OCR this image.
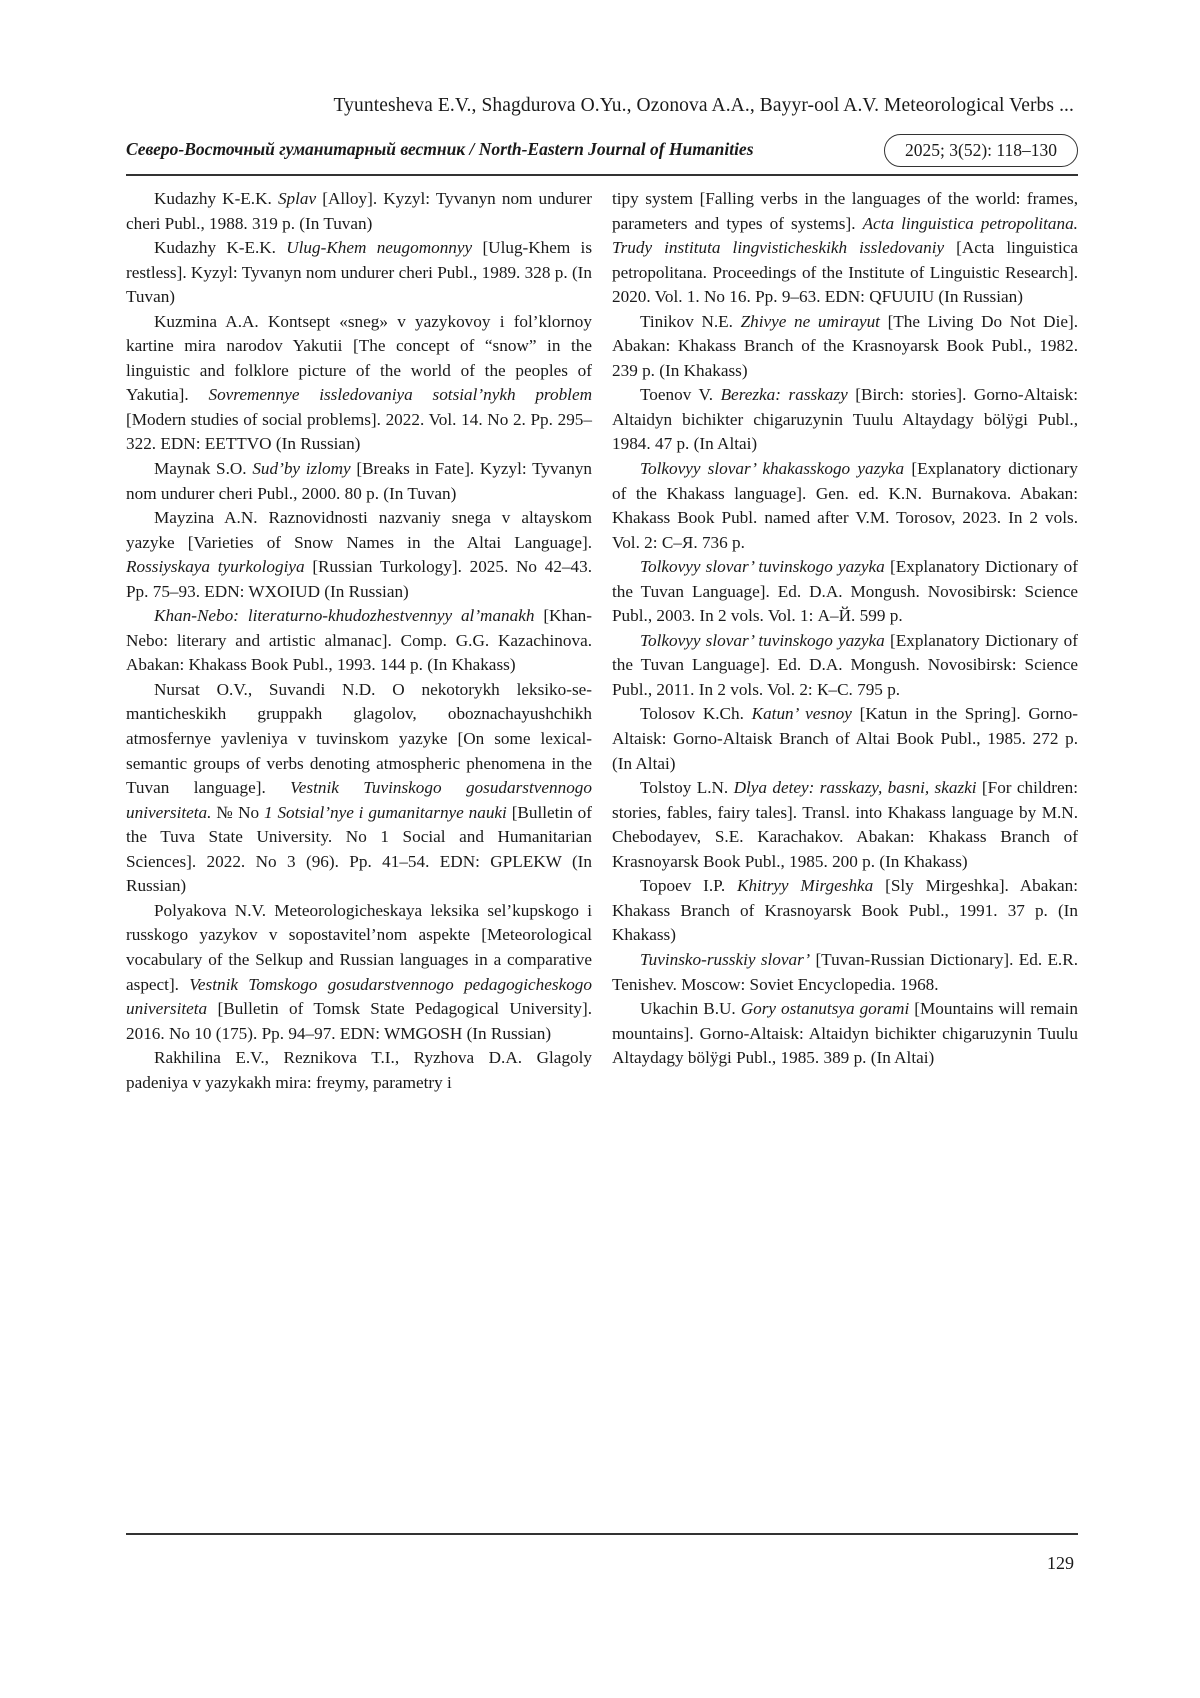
Tyuntesheva E.V., Shagdurova O.Yu., Ozonova A.A., Bayyr-ool A.V. Meteorological Verbs ...
Северо-Восточный гуманитарный вестник / North-Eastern Journal of Humanities	2025; 3(52): 118–130

Kudazhy K-E.K. Splav [Alloy]. Kyzyl: Tyvanyn nom undurer cheri Publ., 1988. 319 p. (In Tuvan)

Kudazhy K-E.K. Ulug-Khem neugomonnyy [Ulug-Khem is restless]. Kyzyl: Tyvanyn nom undurer cheri Publ., 1989. 328 p. (In Tuvan)

Kuzmina A.A. Kontsept «sneg» v yazykovoy i fol’klornoy kartine mira narodov Yakutii [The concept of “snow” in the linguistic and folklore picture of the world of the peoples of Yakutia]. Sovremennye issledovaniya sotsial’nykh problem [Modern studies of social problems]. 2022. Vol. 14. No 2. Pp. 295–322. EDN: EETTVO (In Russian)

Maynak S.O. Sud’by izlomy [Breaks in Fate]. Kyzyl: Tyvanyn nom undurer cheri Publ., 2000. 80 p. (In Tuvan)

Mayzina A.N. Raznovidnosti nazvaniy snega v altayskom yazyke [Varieties of Snow Names in the Altai Language]. Rossiyskaya tyurkologiya [Russian Turkology]. 2025. No 42–43. Pp. 75–93. EDN: WXOIUD (In Russian)

Khan-Nebo: literaturno-khudozhestvennyy al’manakh [Khan-Nebo: literary and artistic almanac]. Comp. G.G. Kazachinova. Abakan: Khakass Book Publ., 1993. 144 p. (In Khakass)

Nursat O.V., Suvandi N.D. O nekotorykh leksiko-semanticheskikh gruppakh glagolov, oboznachayushchikh atmosfernye yavleniya v tuvinskom yazyke [On some lexical-semantic groups of verbs denoting atmospheric phenomena in the Tuvan language]. Vestnik Tuvinskogo gosudarstvennogo universiteta. № No 1 Sotsial’nye i gumanitarnye nauki [Bulletin of the Tuva State University. No 1 Social and Humanitarian Sciences]. 2022. No 3 (96). Pp. 41–54. EDN: GPLEKW (In Russian)

Polyakova N.V. Meteorologicheskaya leksika sel’kupskogo i russkogo yazykov v sopostavitel’nom aspekte [Meteorological vocabulary of the Selkup and Russian languages in a comparative aspect]. Vestnik Tomskogo gosudarstvennogo pedagogicheskogo universiteta [Bulletin of Tomsk State Pedagogical University]. 2016. No 10 (175). Pp. 94–97. EDN: WMGOSH (In Russian)

Rakhilina E.V., Reznikova T.I., Ryzhova D.A. Glagoly padeniya v yazykakh mira: freymy, parametry i

tipy system [Falling verbs in the languages of the world: frames, parameters and types of systems]. Acta linguistica petropolitana. Trudy instituta lingvisticheskikh issledovaniy [Acta linguistica petropolitana. Proceedings of the Institute of Linguistic Research]. 2020. Vol. 1. No 16. Pp. 9–63. EDN: QFUUIU (In Russian)

Tinikov N.E. Zhivye ne umirayut [The Living Do Not Die]. Abakan: Khakass Branch of the Krasnoyarsk Book Publ., 1982. 239 p. (In Khakass)

Toenov V. Berezka: rasskazy [Birch: stories]. Gorno-Altaisk: Altaidyn bichikter chigaruzynin Tuulu Altaydagy bölÿgi Publ., 1984. 47 p. (In Altai)

Tolkovyy slovar’ khakasskogo yazyka [Explanatory dictionary of the Khakass language]. Gen. ed. K.N. Burnakova. Abakan: Khakass Book Publ. named after V.M. Torosov, 2023. In 2 vols. Vol. 2: С–Я. 736 p.

Tolkovyy slovar’ tuvinskogo yazyka [Explanatory Dictionary of the Tuvan Language]. Ed. D.A. Mongush. Novosibirsk: Science Publ., 2003. In 2 vols. Vol. 1: А–Й. 599 p.

Tolkovyy slovar’ tuvinskogo yazyka [Explanatory Dictionary of the Tuvan Language]. Ed. D.A. Mongush. Novosibirsk: Science Publ., 2011. In 2 vols. Vol. 2: К–С. 795 p.

Tolosov K.Ch. Katun’ vesnoy [Katun in the Spring]. Gorno-Altaisk: Gorno-Altaisk Branch of Altai Book Publ., 1985. 272 p. (In Altai)

Tolstoy L.N. Dlya detey: rasskazy, basni, skazki [For children: stories, fables, fairy tales]. Transl. into Khakass language by M.N. Chebodayev, S.E. Karachakov. Abakan: Khakass Branch of Krasnoyarsk Book Publ., 1985. 200 p. (In Khakass)

Topoev I.P. Khitryy Mirgeshka [Sly Mirgeshka]. Abakan: Khakass Branch of Krasnoyarsk Book Publ., 1991. 37 p. (In Khakass)

Tuvinsko-russkiy slovar’ [Tuvan-Russian Dictionary]. Ed. E.R. Tenishev. Moscow: Soviet Encyclopedia. 1968.

Ukachin B.U. Gory ostanutsya gorami [Mountains will remain mountains]. Gorno-Altaisk: Altaidyn bichikter chigaruzynin Tuulu Altaydagy bölÿgi Publ., 1985. 389 p. (In Altai)

129
